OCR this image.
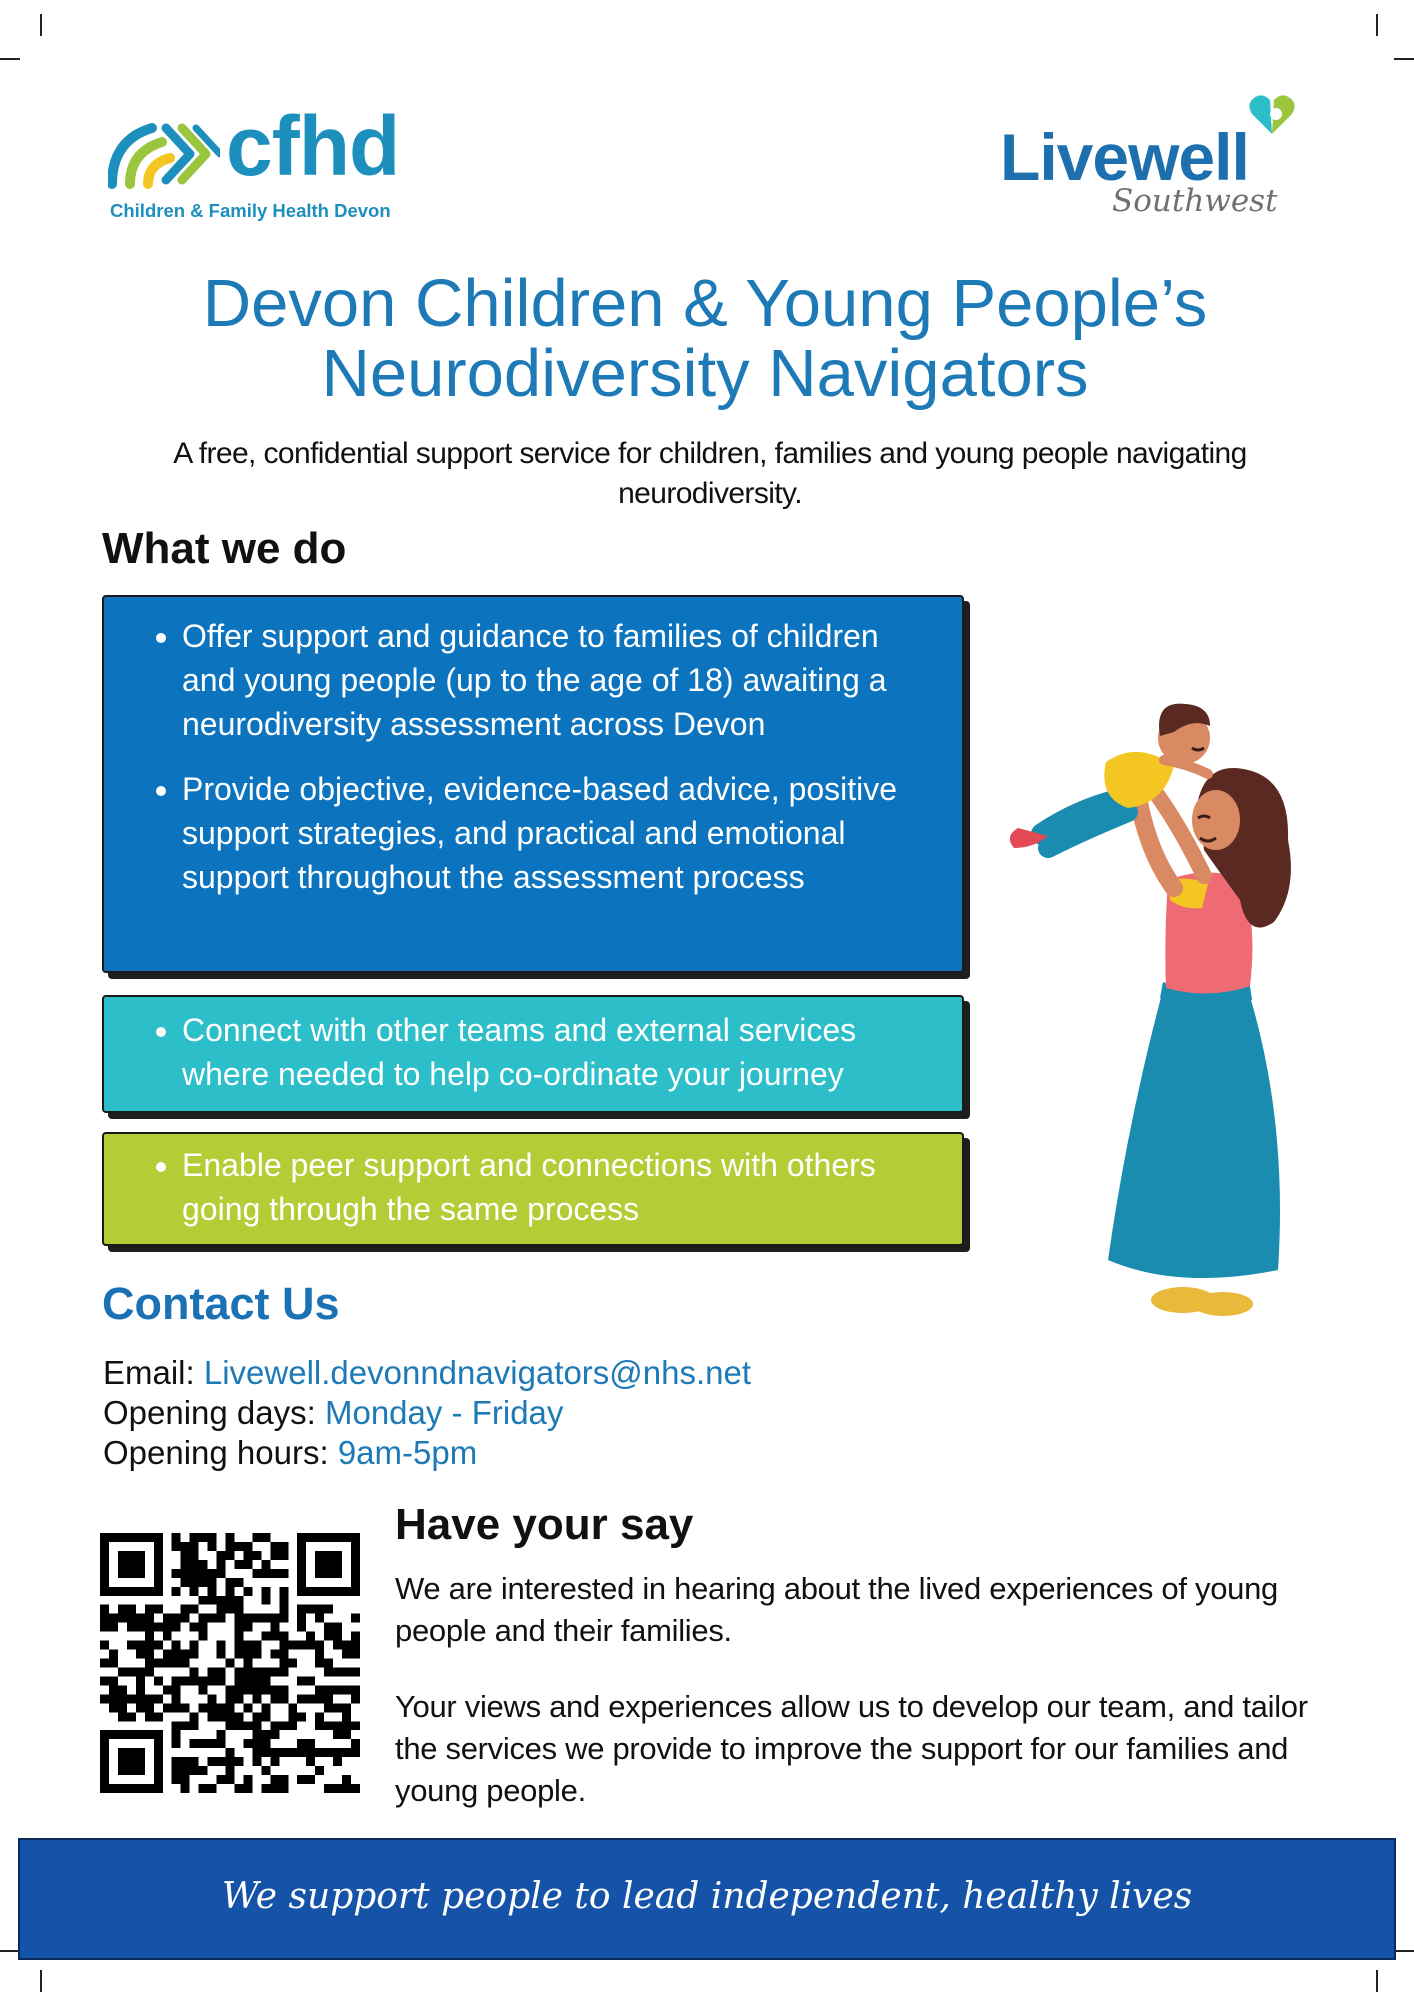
cfhd
Children & Family Health Devon
Livewell
Southwest
Devon Children & Young People’s
Neurodiversity Navigators

A free, confidential support service for children, families and young people navigating

neurodiversity.

What we do
• Offer support and guidance to families of children and young people (up to the age of 18) awaiting a neurodiversity assessment across Devon
• Provide objective, evidence-based advice, positive support strategies, and practical and emotional support throughout the assessment process
• Connect with other teams and external services where needed to help co-ordinate your journey
• Enable peer support and connections with others going through the same process
Contact Us

Email: Livewell.devonndnavigators@nhs.net

Opening days: Monday - Friday

Opening hours: 9am-5pm

Have your say

We are interested in hearing about the lived experiences of young people and their families.

Your views and experiences allow us to develop our team, and tailor the services we provide to improve the support for our families and young people.

We support people to lead independent, healthy lives
